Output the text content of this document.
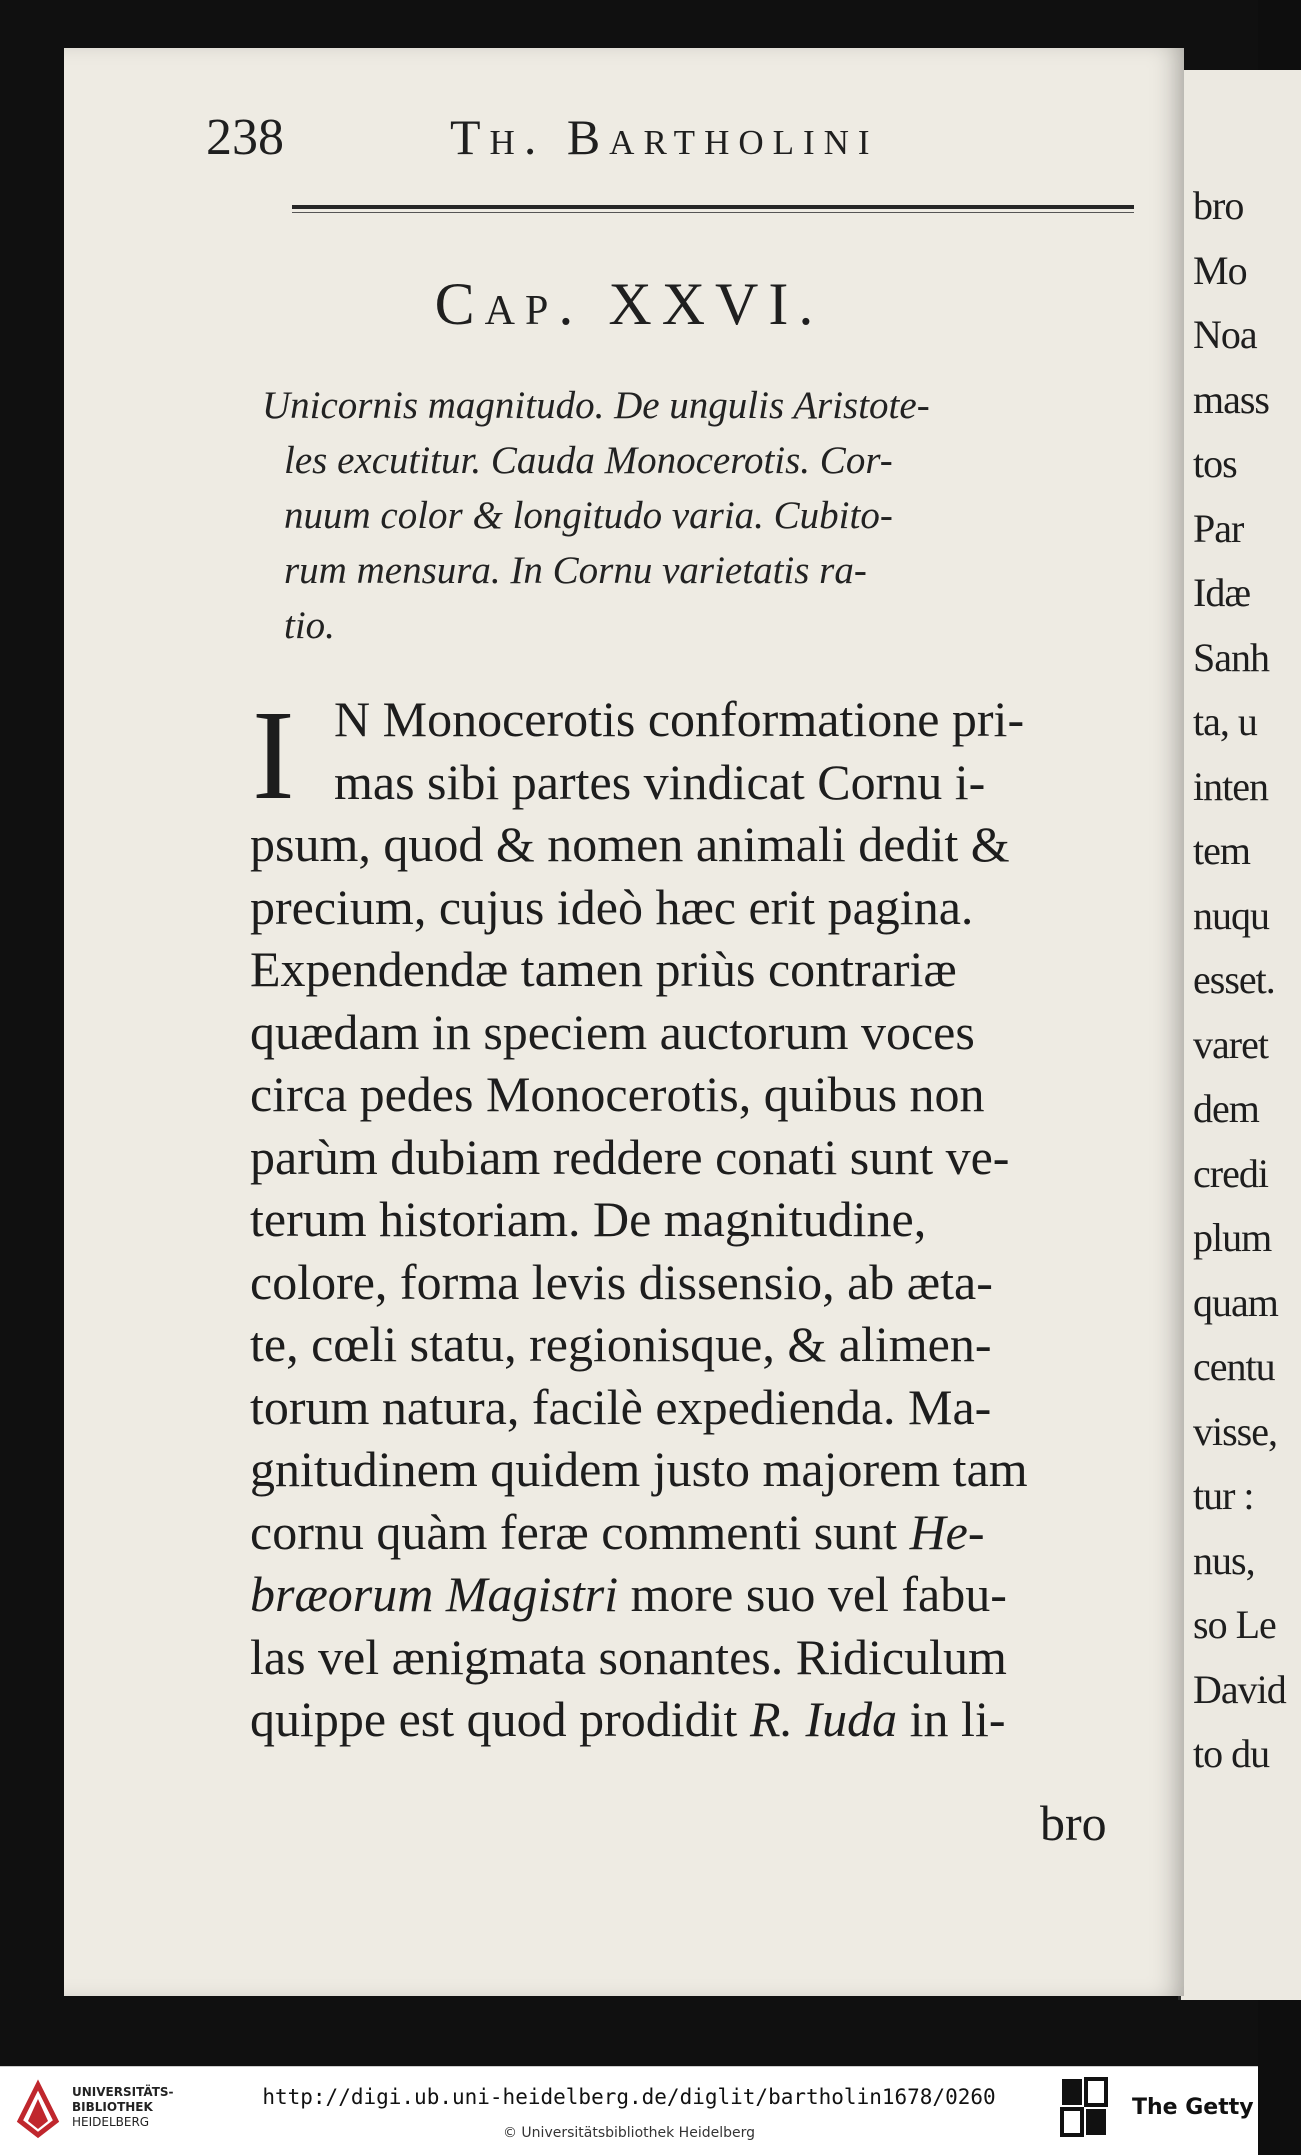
bro
Mo
Noa
mass
tos
Par
Idæ
Sanh
ta, u
inten
tem
nuqu
esset.
varet
dem
credi
plum
quam
centu
visse,
tur :
nus,
so Le
David
to du
238	Th. Bartholini
Cap. XXVI.
Unicornis magnitudo. De ungulis Aristote-
les excutitur. Cauda Monocerotis. Cor-
nuum color & longitudo varia. Cubito-
rum mensura. In Cornu varietatis ra-
tio.
I N Monocerotis conformatione pri-
mas sibi partes vindicat Cornu i-
psum, quod & nomen animali dedit &
precium, cujus ideò hæc erit pagina.
Expendendæ tamen priùs contrariæ
quædam in speciem auctorum voces
circa pedes Monocerotis, quibus non
parùm dubiam reddere conati sunt ve-
terum historiam. De magnitudine,
colore, forma levis dissensio, ab æta-
te, cœli statu, regionisque, & alimen-
torum natura, facilè expedienda. Ma-
gnitudinem quidem justo majorem tam
cornu quàm feræ commenti sunt He-
bræorum Magistri more suo vel fabu-
las vel ænigmata sonantes. Ridiculum
quippe est quod prodidit R. Iuda in li-
bro
UNIVERSITÄTS-
BIBLIOTHEK
HEIDELBERG
http://digi.ub.uni-heidelberg.de/diglit/bartholin1678/0260
© Universitätsbibliothek Heidelberg
The Getty
